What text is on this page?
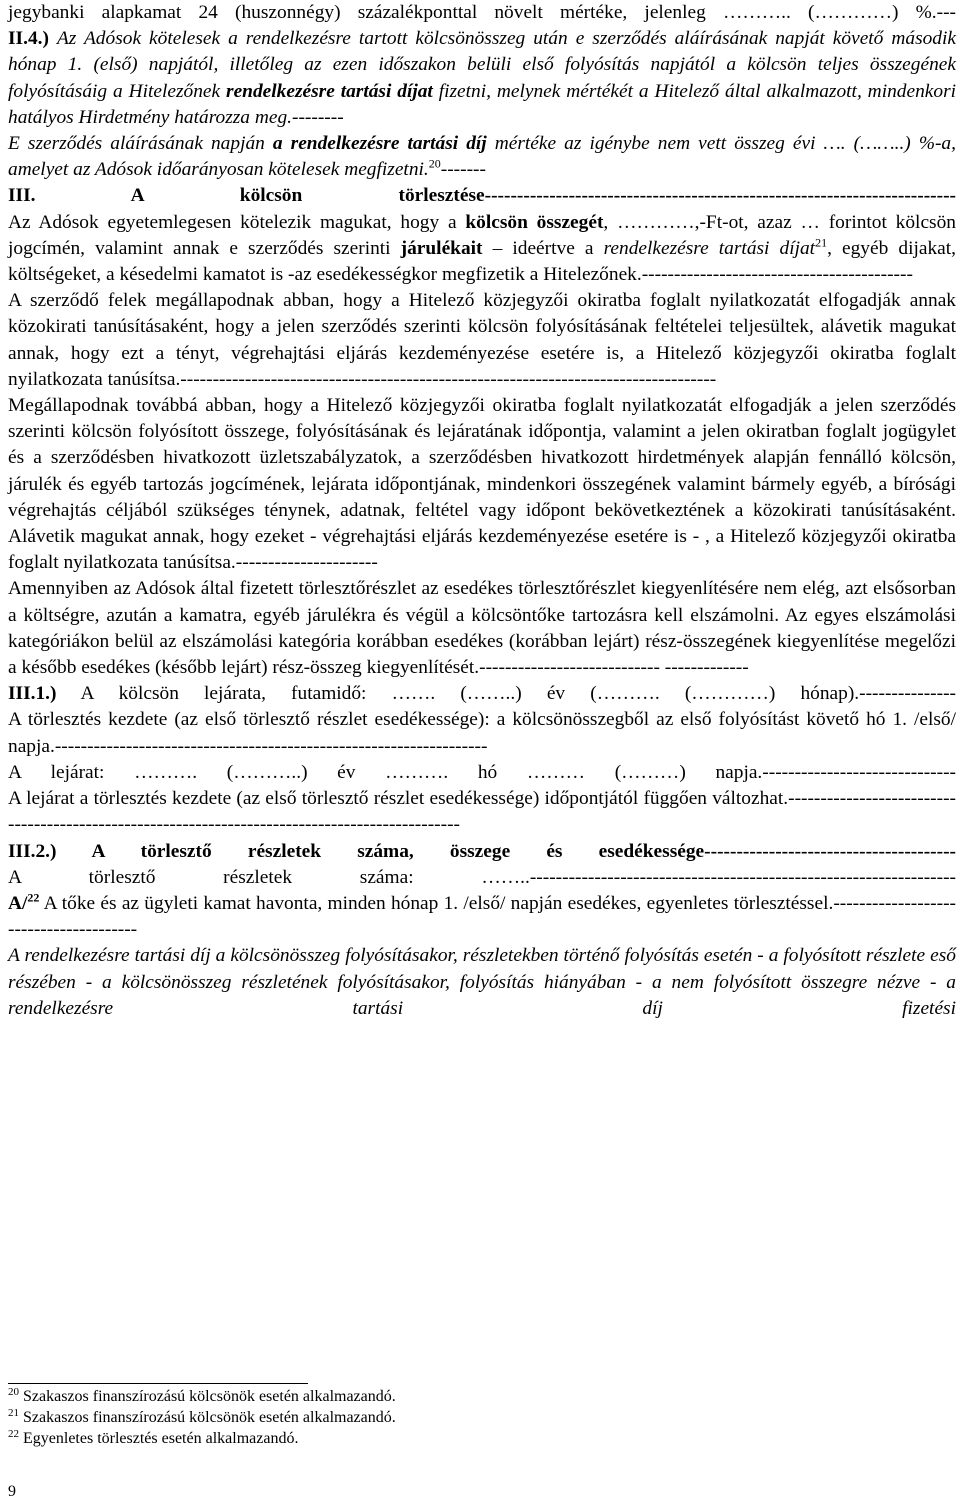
jegybanki alapkamat 24 (huszonnégy) százalékponttal növelt mértéke, jelenleg ……….. (…………) %.---

II.4.) Az Adósok kötelesek a rendelkezésre tartott kölcsönösszeg után e szerződés aláírásának napját követő második hónap 1. (első) napjától, illetőleg az ezen időszakon belüli első folyósítás napjától a kölcsön teljes összegének folyósításáig a Hitelezőnek rendelkezésre tartási díjat fizetni, melynek mértékét a Hitelező által alkalmazott, mindenkori hatályos Hirdetmény határozza meg.--------

E szerződés aláírásának napján a rendelkezésre tartási díj mértéke az igénybe nem vett összeg évi …. (……..) %-a, amelyet az Adósok időarányosan kötelesek megfizetni.$^{20}$-------

III. A kölcsön törlesztése-------------------------------------------------------------------------

Az Adósok egyetemlegesen kötelezik magukat, hogy a kölcsön összegét, …………,-Ft-ot, azaz … forintot kölcsön jogcímén, valamint annak e szerződés szerinti járulékait – ideértve a rendelkezésre tartási díjat$^{21}$, egyéb dijakat, költségeket, a késedelmi kamatot is -az esedékességkor megfizetik a Hitelezőnek.------------------------------------------

A szerződő felek megállapodnak abban, hogy a Hitelező közjegyzői okiratba foglalt nyilatkozatát elfogadják annak közokirati tanúsításaként, hogy a jelen szerződés szerinti kölcsön folyósításának feltételei teljesültek, alávetik magukat annak, hogy ezt a tényt, végrehajtási eljárás kezdeményezése esetére is, a Hitelező közjegyzői okiratba foglalt nyilatkozata tanúsítsa.-----------------------------------------------------------------------------------

Megállapodnak továbbá abban, hogy a Hitelező közjegyzői okiratba foglalt nyilatkozatát elfogadják a jelen szerződés szerinti kölcsön folyósított összege, folyósításának és lejáratának időpontja, valamint a jelen okiratban foglalt jogügylet és a szerződésben hivatkozott üzletszabályzatok, a szerződésben hivatkozott hirdetmények alapján fennálló kölcsön, járulék és egyéb tartozás jogcímének, lejárata időpontjának, mindenkori összegének valamint bármely egyéb, a bírósági végrehajtás céljából szükséges ténynek, adatnak, feltétel vagy időpont bekövetkeztének a közokirati tanúsításaként. Alávetik magukat annak, hogy ezeket - végrehajtási eljárás kezdeményezése esetére is - , a Hitelező közjegyzői okiratba foglalt nyilatkozata tanúsítsa.----------------------

Amennyiben az Adósok által fizetett törlesztőrészlet az esedékes törlesztőrészlet kiegyenlítésére nem elég, azt elsősorban a költségre, azután a kamatra, egyéb járulékra és végül a kölcsöntőke tartozásra kell elszámolni. Az egyes elszámolási kategóriákon belül az elszámolási kategória korábban esedékes (korábban lejárt) rész-összegének kiegyenlítése megelőzi a később esedékes (később lejárt) rész-összeg kiegyenlítését.---------------------------- -------------

III.1.) A kölcsön lejárata, futamidő: ……. (……..) év (………. (…………) hónap).---------------

A törlesztés kezdete (az első törlesztő részlet esedékessége): a kölcsönösszegből az első folyósítást követő hó 1. /első/ napja.-------------------------------------------------------------------

A lejárat: ………. (………..) év ………. hó ……… (………) napja.------------------------------

A lejárat a törlesztés kezdete (az első törlesztő részlet esedékessége) időpontjától függően változhat.------------------------------------------------------------------------------------------------

III.2.) A törlesztő részletek száma, összege és esedékessége---------------------------------------

A törlesztő részletek száma: ……..------------------------------------------------------------------

A/$^{22}$ A tőke és az ügyleti kamat havonta, minden hónap 1. /első/ napján esedékes, egyenletes törlesztéssel.---------------------------------------

A rendelkezésre tartási díj a kölcsönösszeg folyósításakor, részletekben történő folyósítás esetén - a folyósított részlete eső részében - a kölcsönösszeg részletének folyósításakor, folyósítás hiányában - a nem folyósított összegre nézve - a rendelkezésre tartási díj fizetési

$^{20}$ Szakaszos finanszírozású kölcsönök esetén alkalmazandó.

$^{21}$ Szakaszos finanszírozású kölcsönök esetén alkalmazandó.

$^{22}$ Egyenletes törlesztés esetén alkalmazandó.

9
